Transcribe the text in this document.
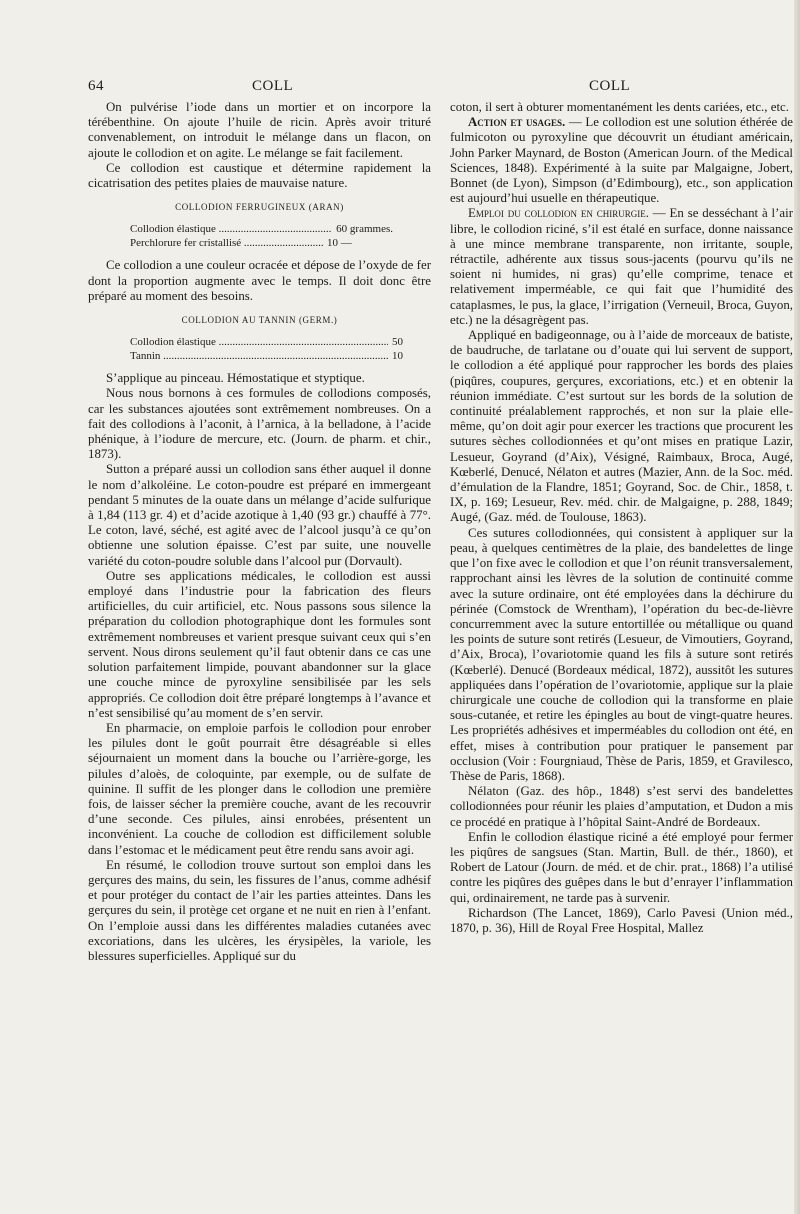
64	COLL	COLL

On pulvérise l’iode dans un mortier et on incorpore la térébenthine. On ajoute l’huile de ricin. Après avoir trituré convenablement, on introduit le mélange dans un flacon, on ajoute le collodion et on agite. Le mélange se fait facilement.

Ce collodion est caustique et détermine rapidement la cicatrisation des petites plaies de mauvaise nature.

COLLODION FERRUGINEUX (ARAN)

Collodion élastique .....	60 grammes.
Perchlorure fer cristallisé .....	10 —

Ce collodion a une couleur ocracée et dépose de l’oxyde de fer dont la proportion augmente avec le temps. Il doit donc être préparé au moment des besoins.

COLLODION AU TANNIN (GERM.)

Collodion élastique .....	50
Tannin .....	10

S’applique au pinceau. Hémostatique et styptique.

Nous nous bornons à ces formules de collodions composés, car les substances ajoutées sont extrêmement nombreuses. On a fait des collodions à l’aconit, à l’arnica, à la belladone, à l’acide phénique, à l’iodure de mercure, etc. (Journ. de pharm. et chir., 1873).

Sutton a préparé aussi un collodion sans éther auquel il donne le nom d’alkoléine. Le coton-poudre est préparé en immergeant pendant 5 minutes de la ouate dans un mélange d’acide sulfurique à 1,84 (113 gr. 4) et d’acide azotique à 1,40 (93 gr.) chauffé à 77°. Le coton, lavé, séché, est agité avec de l’alcool jusqu’à ce qu’on obtienne une solution épaisse. C’est par suite, une nouvelle variété du coton-poudre soluble dans l’alcool pur (Dorvault).

Outre ses applications médicales, le collodion est aussi employé dans l’industrie pour la fabrication des fleurs artificielles, du cuir artificiel, etc. Nous passons sous silence la préparation du collodion photographique dont les formules sont extrêmement nombreuses et varient presque suivant ceux qui s’en servent. Nous dirons seulement qu’il faut obtenir dans ce cas une solution parfaitement limpide, pouvant abandonner sur la glace une couche mince de pyroxyline sensibilisée par les sels appropriés. Ce collodion doit être préparé longtemps à l’avance et n’est sensibilisé qu’au moment de s’en servir.

En pharmacie, on emploie parfois le collodion pour enrober les pilules dont le goût pourrait être désagréable si elles séjournaient un moment dans la bouche ou l’arrière-gorge, les pilules d’aloès, de coloquinte, par exemple, ou de sulfate de quinine. Il suffit de les plonger dans le collodion une première fois, de laisser sécher la première couche, avant de les recouvrir d’une seconde. Ces pilules, ainsi enrobées, présentent un inconvénient. La couche de collodion est difficilement soluble dans l’estomac et le médicament peut être rendu sans avoir agi.

En résumé, le collodion trouve surtout son emploi dans les gerçures des mains, du sein, les fissures de l’anus, comme adhésif et pour protéger du contact de l’air les parties atteintes. Dans les gerçures du sein, il protège cet organe et ne nuit en rien à l’enfant. On l’emploie aussi dans les différentes maladies cutanées avec excoriations, dans les ulcères, les érysipèles, la variole, les blessures superficielles. Appliqué sur du

coton, il sert à obturer momentanément les dents cariées, etc., etc.

Action et usages. — Le collodion est une solution éthérée de fulmicoton ou pyroxyline que découvrit un étudiant américain, John Parker Maynard, de Boston (American Journ. of the Medical Sciences, 1848). Expérimenté à la suite par Malgaigne, Jobert, Bonnet (de Lyon), Simpson (d’Edimbourg), etc., son application est aujourd’hui usuelle en thérapeutique.

Emploi du collodion en chirurgie. — En se desséchant à l’air libre, le collodion riciné, s’il est étalé en surface, donne naissance à une mince membrane transparente, non irritante, souple, rétractile, adhérente aux tissus sous-jacents (pourvu qu’ils ne soient ni humides, ni gras) qu’elle comprime, tenace et relativement imperméable, ce qui fait que l’humidité des cataplasmes, le pus, la glace, l’irrigation (Verneuil, Broca, Guyon, etc.) ne la désagrègent pas.

Appliqué en badigeonnage, ou à l’aide de morceaux de batiste, de baudruche, de tarlatane ou d’ouate qui lui servent de support, le collodion a été appliqué pour rapprocher les bords des plaies (piqûres, coupures, gerçures, excoriations, etc.) et en obtenir la réunion immédiate. C’est surtout sur les bords de la solution de continuité préalablement rapprochés, et non sur la plaie elle-même, qu’on doit agir pour exercer les tractions que procurent les sutures sèches collodionnées et qu’ont mises en pratique Lazir, Lesueur, Goyrand (d’Aix), Vésigné, Raimbaux, Broca, Augé, Kœberlé, Denucé, Nélaton et autres (Mazier, Ann. de la Soc. méd. d’émulation de la Flandre, 1851; Goyrand, Soc. de Chir., 1858, t. IX, p. 169; Lesueur, Rev. méd. chir. de Malgaigne, p. 288, 1849; Augé, (Gaz. méd. de Toulouse, 1863).

Ces sutures collodionnées, qui consistent à appliquer sur la peau, à quelques centimètres de la plaie, des bandelettes de linge que l’on fixe avec le collodion et que l’on réunit transversalement, rapprochant ainsi les lèvres de la solution de continuité comme avec la suture ordinaire, ont été employées dans la déchirure du périnée (Comstock de Wrentham), l’opération du bec-de-lièvre concurremment avec la suture entortillée ou métallique ou quand les points de suture sont retirés (Lesueur, de Vimoutiers, Goyrand, d’Aix, Broca), l’ovariotomie quand les fils à suture sont retirés (Kœberlé). Denucé (Bordeaux médical, 1872), aussitôt les sutures appliquées dans l’opération de l’ovariotomie, applique sur la plaie chirurgicale une couche de collodion qui la transforme en plaie sous-cutanée, et retire les épingles au bout de vingt-quatre heures. Les propriétés adhésives et imperméables du collodion ont été, en effet, mises à contribution pour pratiquer le pansement par occlusion (Voir : Fourgniaud, Thèse de Paris, 1859, et Gravilesco, Thèse de Paris, 1868).

Nélaton (Gaz. des hôp., 1848) s’est servi des bandelettes collodionnées pour réunir les plaies d’amputation, et Dudon a mis ce procédé en pratique à l’hôpital Saint-André de Bordeaux.

Enfin le collodion élastique riciné a été employé pour fermer les piqûres de sangsues (Stan. Martin, Bull. de thér., 1860), et Robert de Latour (Journ. de méd. et de chir. prat., 1868) l’a utilisé contre les piqûres des guêpes dans le but d’enrayer l’inflammation qui, ordinairement, ne tarde pas à survenir.

Richardson (The Lancet, 1869), Carlo Pavesi (Union méd., 1870, p. 36), Hill de Royal Free Hospital, Mallez
